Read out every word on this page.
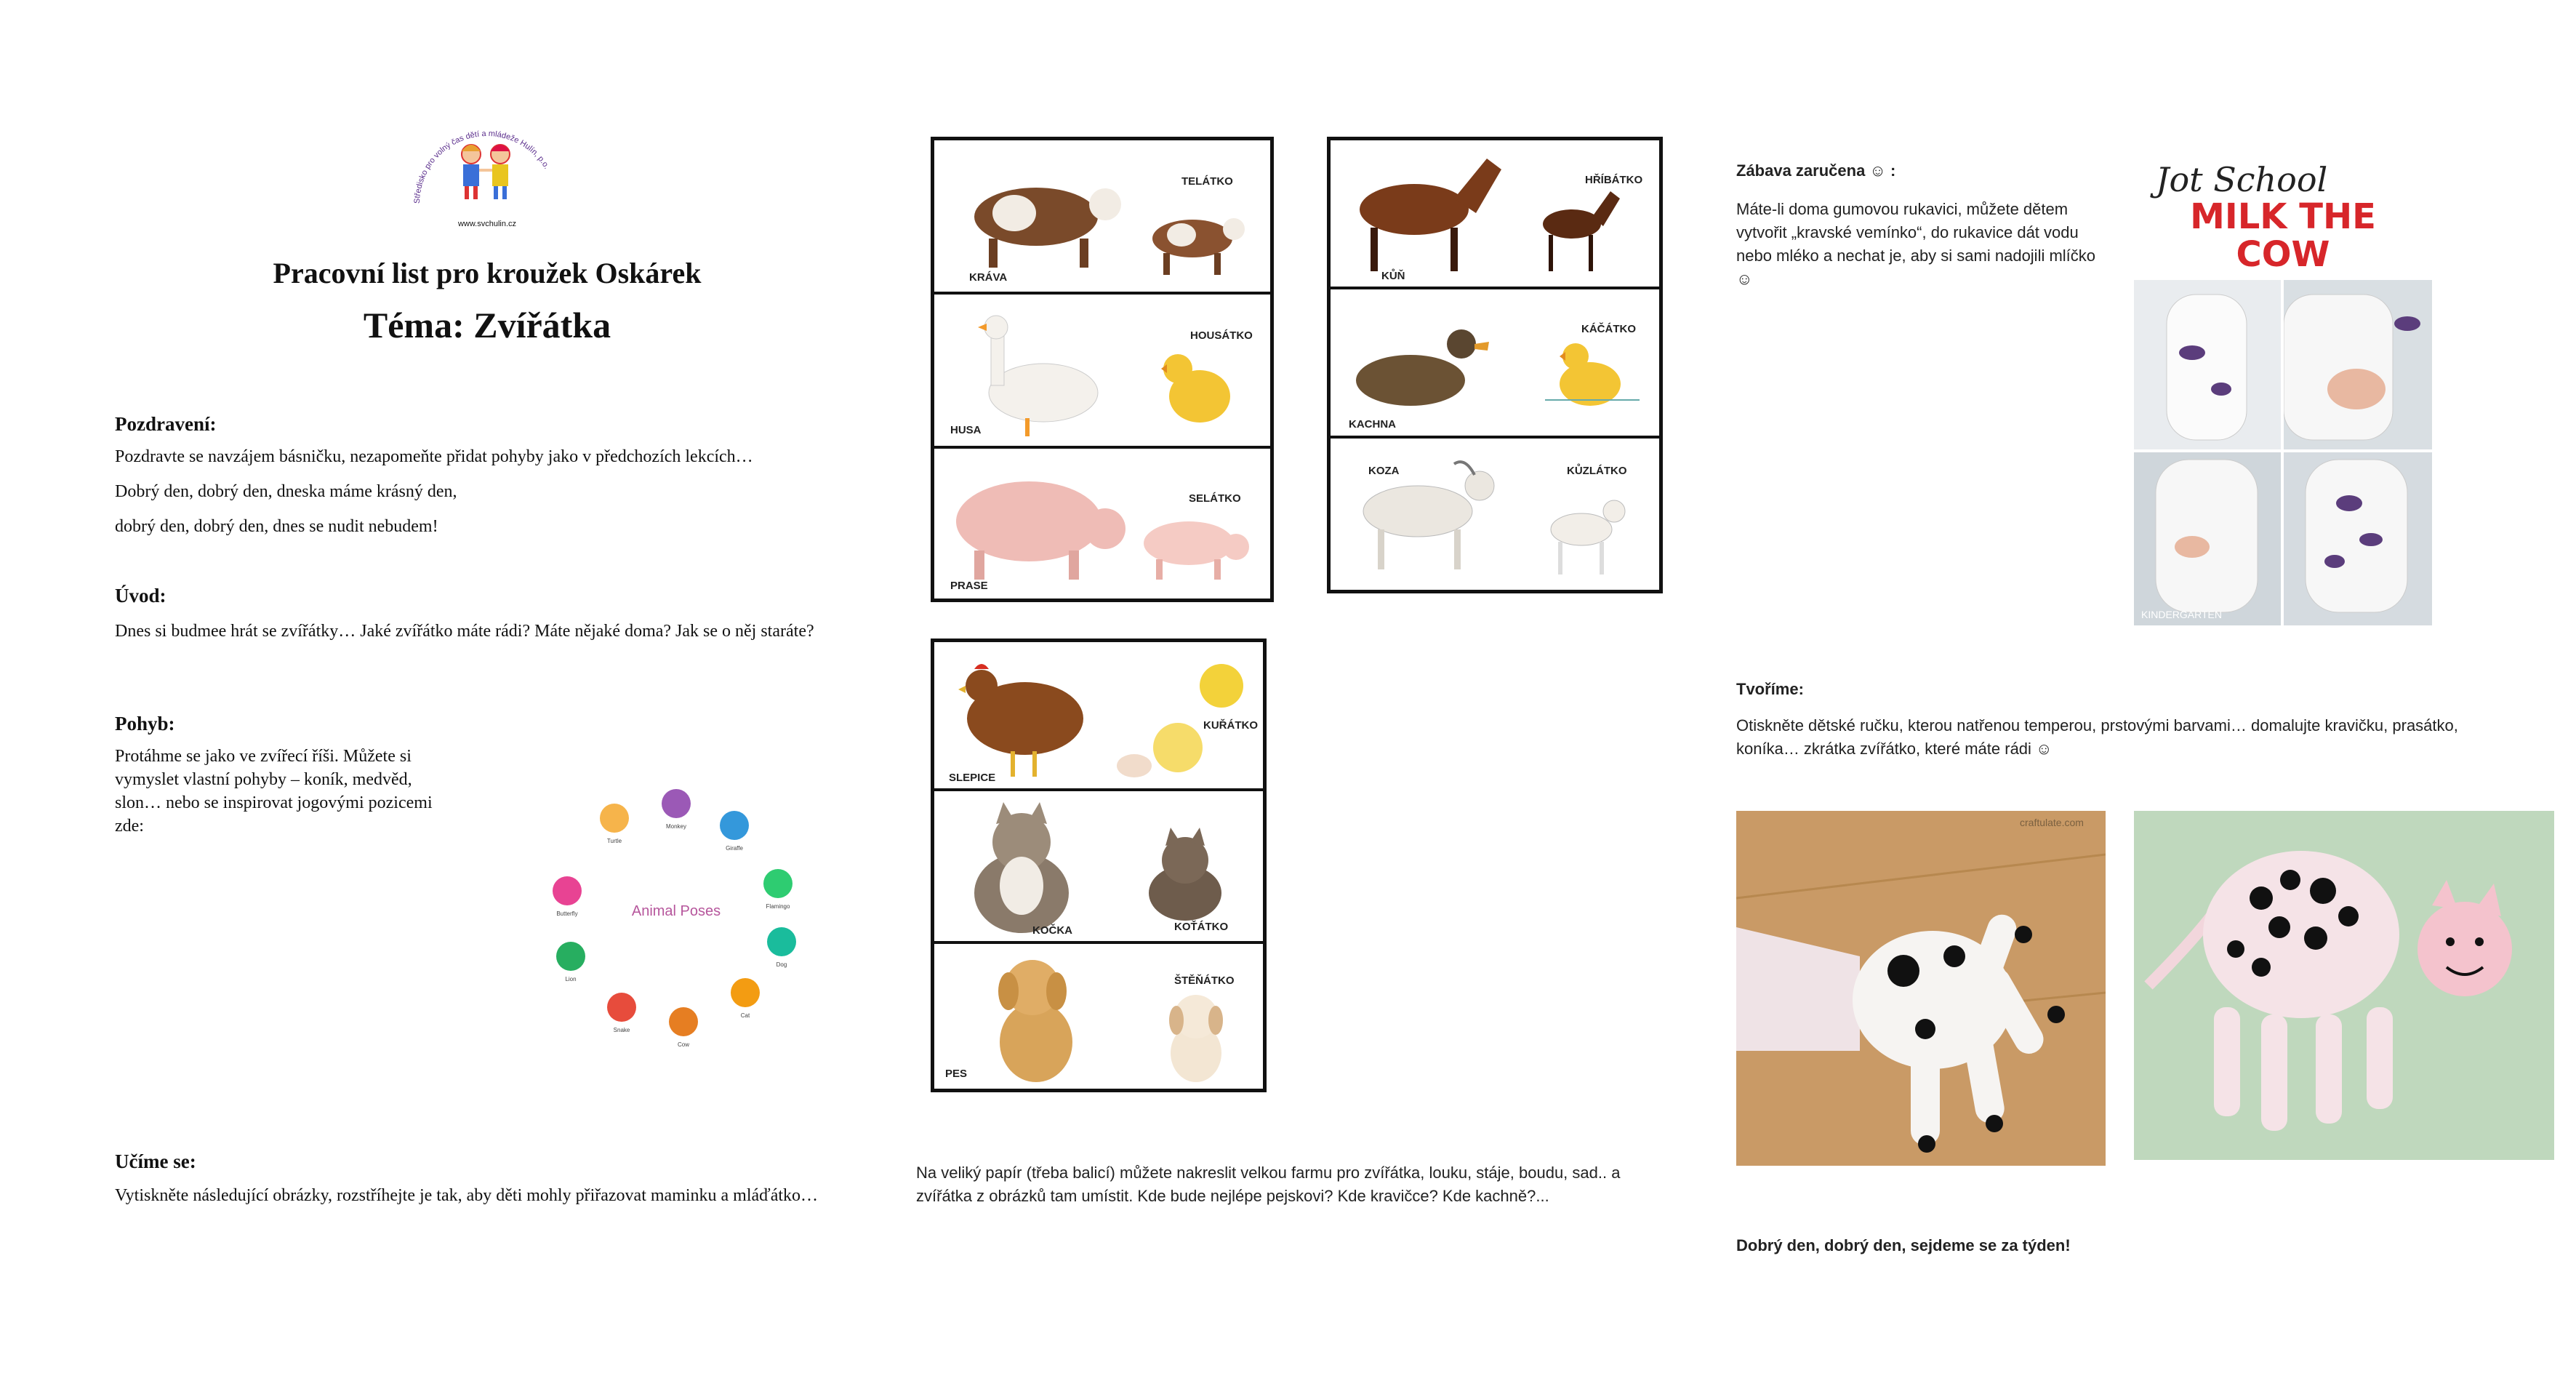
Středisko pro volný čas dětí a mládeže Hulín, p.o.
www.svchulin.cz
Pracovní list pro kroužek Oskárek
Téma: Zvířátka
Pozdravení:
Pozdravte se navzájem básničku, nezapomeňte přidat pohyby jako v předchozích lekcích…
Dobrý den, dobrý den, dneska máme krásný den,
dobrý den, dobrý den, dnes se nudit nebudem!
Úvod:
Dnes si budmee hrát se zvířátky… Jaké zvířátko máte rádi? Máte nějaké doma? Jak se o něj staráte?
Pohyb:
Protáhme se jako ve zvířecí říši. Můžete si vymyslet vlastní pohyby – koník, medvěd, slon… nebo se inspirovat jogovými pozicemi zde:
Animal Poses
Turtle
Monkey
Giraffe
Flamingo
Dog
Cat
Cow
Snake
Lion
Butterfly
Učíme se:
Vytiskněte následující obrázky, rozstříhejte je tak, aby děti mohly přiřazovat maminku a mláďátko…
KRÁVA
TELÁTKO
HUSA
HOUSÁTKO
PRASE
SELÁTKO
KŮŇ
HŘÍBÁTKO
KACHNA
KÁČÁTKO
KOZA	KŮZLÁTKO
SLEPICE
KUŘÁTKO
KOČKA	KOŤÁTKO
PES
ŠTĚŇÁTKO
Na veliký papír (třeba balicí) můžete nakreslit velkou farmu pro zvířátka, louku, stáje, boudu, sad.. a zvířátka z obrázků tam umístit. Kde bude nejlépe pejskovi? Kde kravičce? Kde kachně?...
Zábava zaručena ☺ :
Máte-li doma gumovou rukavici, můžete dětem vytvořit „kravské vemínko“, do rukavice dát vodu nebo mléko a nechat je, aby si sami nadojili mlíčko ☺
Jot School
MILK THE
COW
KINDERGARTEN
Tvoříme:
Otiskněte dětské ručku, kterou natřenou temperou, prstovými barvami… domalujte kravičku, prasátko, koníka… zkrátka zvířátko, které máte rádi ☺
craftulate.com
Dobrý den, dobrý den, sejdeme se za týden!
